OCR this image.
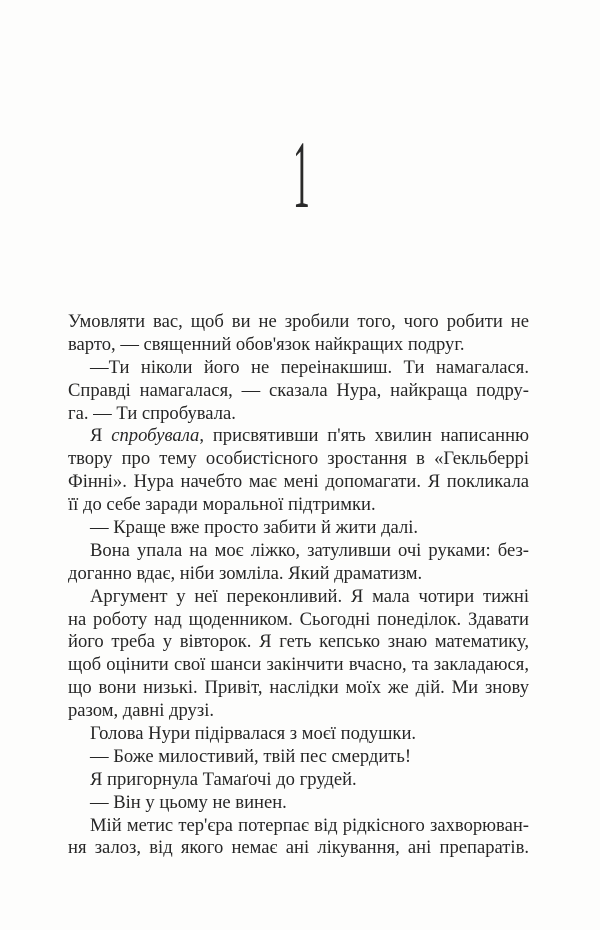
1
Умовляти вас, щоб ви не зробили того, чого робити не
варто, — священний обов'язок найкращих подруг.
—Ти ніколи його не переінакшиш. Ти намагалася.
Справді намагалася, — сказала Нура, найкраща подру-
га. — Ти спробувала.
Я спробувала, присвятивши п'ять хвилин написанню
твору про тему особистісного зростання в «Гекльберрі
Фінні». Нура начебто має мені допомагати. Я покликала
її до себе заради моральної підтримки.
— Краще вже просто забити й жити далі.
Вона упала на моє ліжко, затуливши очі руками: без-
доганно вдає, ніби зомліла. Який драматизм.
Аргумент у неї переконливий. Я мала чотири тижні
на роботу над щоденником. Сьогодні понеділок. Здавати
його треба у вівторок. Я геть кепсько знаю математику,
щоб оцінити свої шанси закінчити вчасно, та закладаюся,
що вони низькі. Привіт, наслідки моїх же дій. Ми знову
разом, давні друзі.
Голова Нури підірвалася з моєї подушки.
— Боже милостивий, твій пес смердить!
Я пригорнула Тамаґочі до грудей.
— Він у цьому не винен.
Мій метис тер'єра потерпає від рідкісного захворюван-
ня залоз, від якого немає ані лікування, ані препаратів.
